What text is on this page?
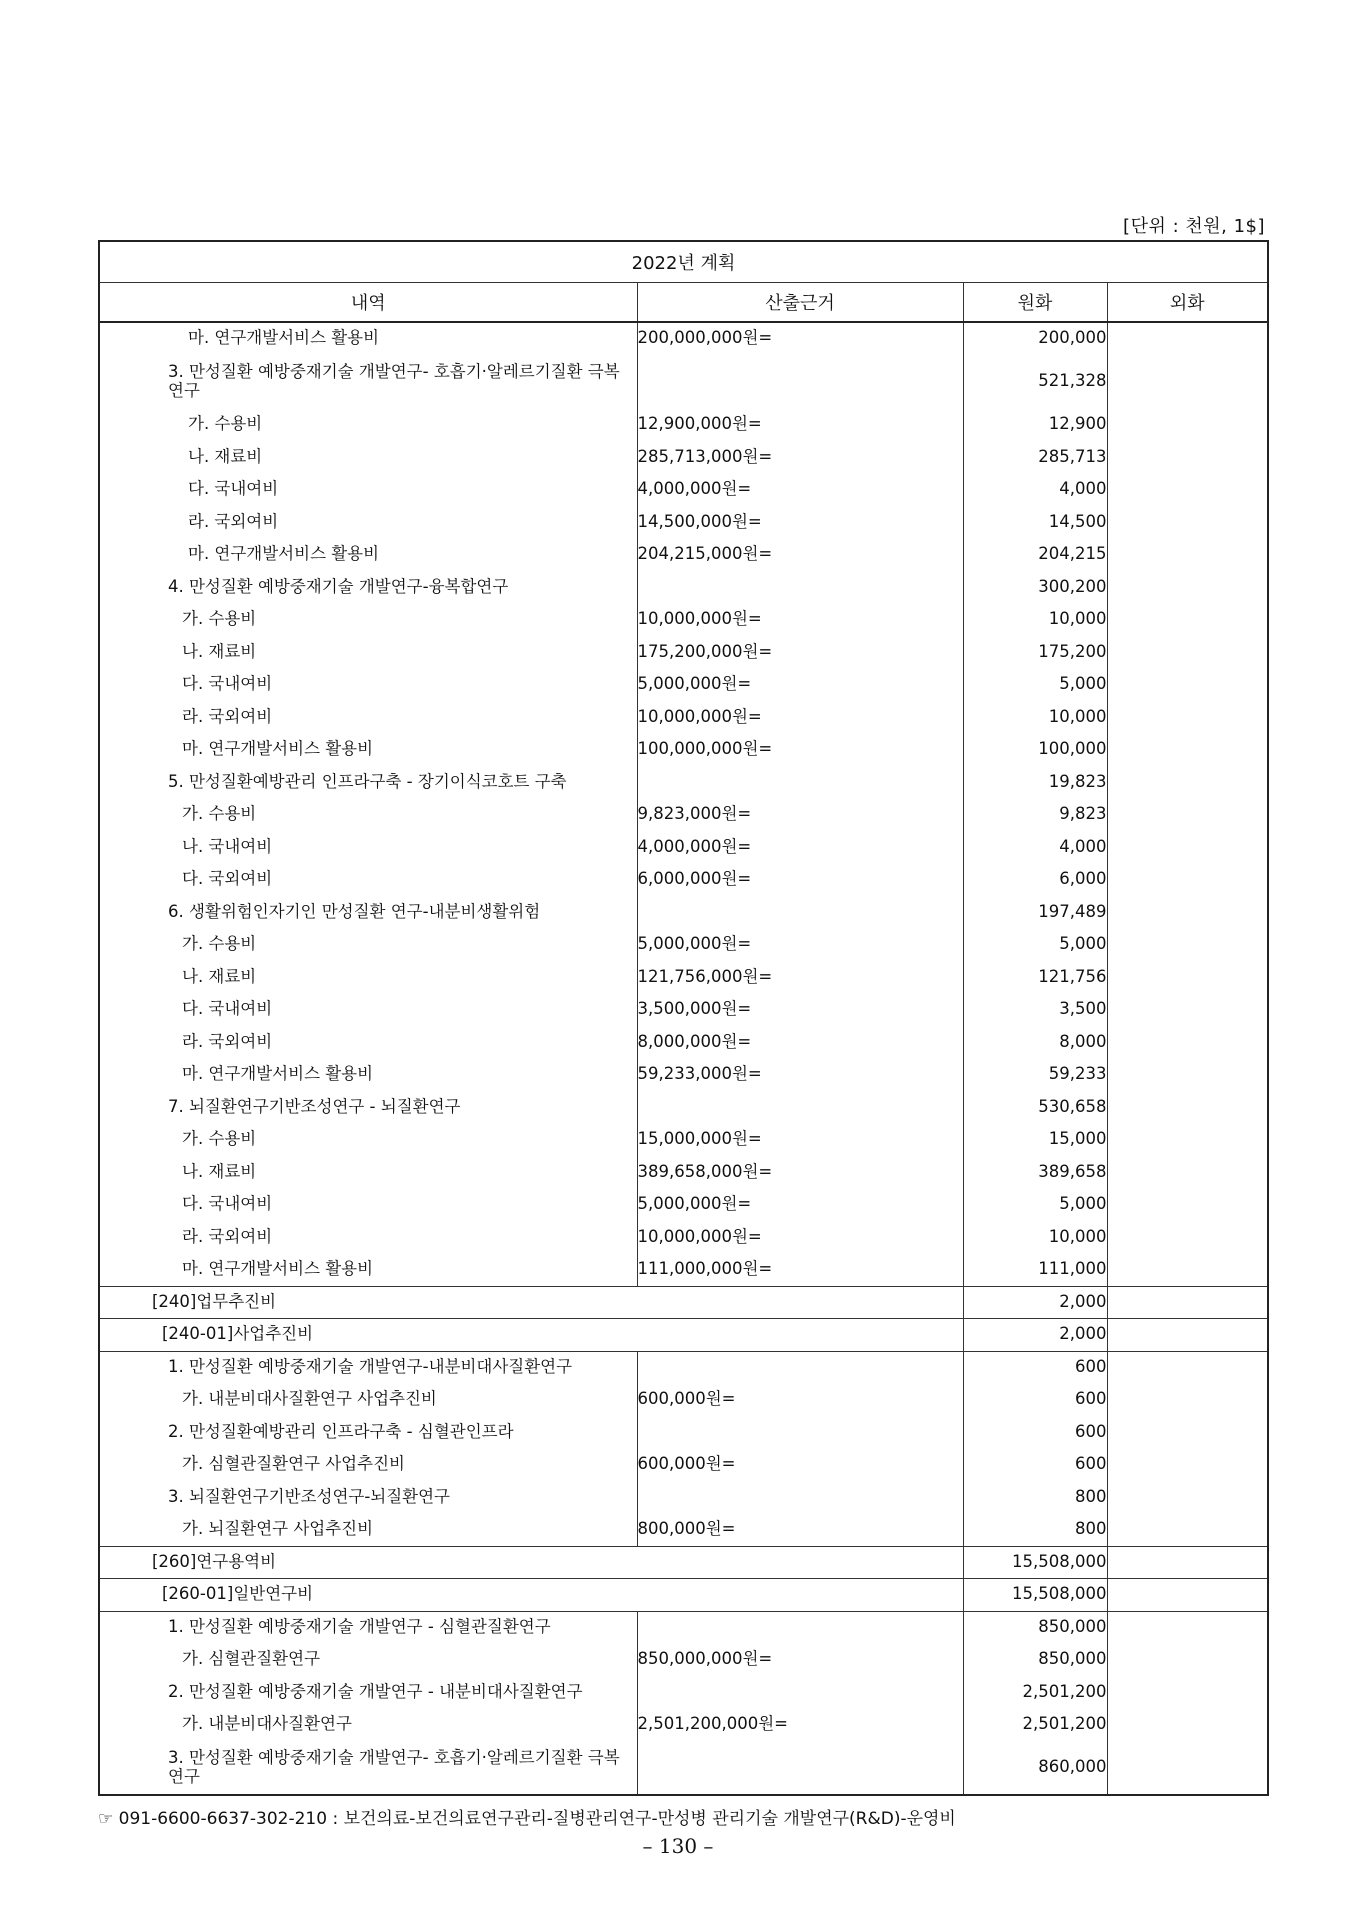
[단위 : 천원, 1$]
2022년 계획			
내역	산출근거	원화	외화
마. 연구개발서비스 활용비	200,000,000원=	200,000	
3. 만성질환 예방중재기술 개발연구- 호흡기·알레르기질환 극복 연구		521,328	
가. 수용비	12,900,000원=	12,900	
나. 재료비	285,713,000원=	285,713	
다. 국내여비	4,000,000원=	4,000	
라. 국외여비	14,500,000원=	14,500	
마. 연구개발서비스 활용비	204,215,000원=	204,215	
4. 만성질환 예방중재기술 개발연구-융복합연구		300,200	
가. 수용비	10,000,000원=	10,000	
나. 재료비	175,200,000원=	175,200	
다. 국내여비	5,000,000원=	5,000	
라. 국외여비	10,000,000원=	10,000	
마. 연구개발서비스 활용비	100,000,000원=	100,000	
5. 만성질환예방관리 인프라구축 - 장기이식코호트 구축		19,823	
가. 수용비	9,823,000원=	9,823	
나. 국내여비	4,000,000원=	4,000	
다. 국외여비	6,000,000원=	6,000	
6. 생활위험인자기인 만성질환 연구-내분비생활위험		197,489	
가. 수용비	5,000,000원=	5,000	
나. 재료비	121,756,000원=	121,756	
다. 국내여비	3,500,000원=	3,500	
라. 국외여비	8,000,000원=	8,000	
마. 연구개발서비스 활용비	59,233,000원=	59,233	
7. 뇌질환연구기반조성연구 - 뇌질환연구		530,658	
가. 수용비	15,000,000원=	15,000	
나. 재료비	389,658,000원=	389,658	
다. 국내여비	5,000,000원=	5,000	
라. 국외여비	10,000,000원=	10,000	
마. 연구개발서비스 활용비	111,000,000원=	111,000	
[240]업무추진비		2,000	
[240-01]사업추진비		2,000	
1. 만성질환 예방중재기술 개발연구-내분비대사질환연구		600	
가. 내분비대사질환연구 사업추진비	600,000원=	600	
2. 만성질환예방관리 인프라구축 - 심혈관인프라		600	
가. 심혈관질환연구 사업추진비	600,000원=	600	
3. 뇌질환연구기반조성연구-뇌질환연구		800	
가. 뇌질환연구 사업추진비	800,000원=	800	
[260]연구용역비		15,508,000	
[260-01]일반연구비		15,508,000	
1. 만성질환 예방중재기술 개발연구 - 심혈관질환연구		850,000	
가. 심혈관질환연구	850,000,000원=	850,000	
2. 만성질환 예방중재기술 개발연구 - 내분비대사질환연구		2,501,200	
가. 내분비대사질환연구	2,501,200,000원=	2,501,200	
3. 만성질환 예방중재기술 개발연구- 호흡기·알레르기질환 극복 연구		860,000	
☞ 091-6600-6637-302-210 : 보건의료-보건의료연구관리-질병관리연구-만성병 관리기술 개발연구(R&D)-운영비
– 130 –
